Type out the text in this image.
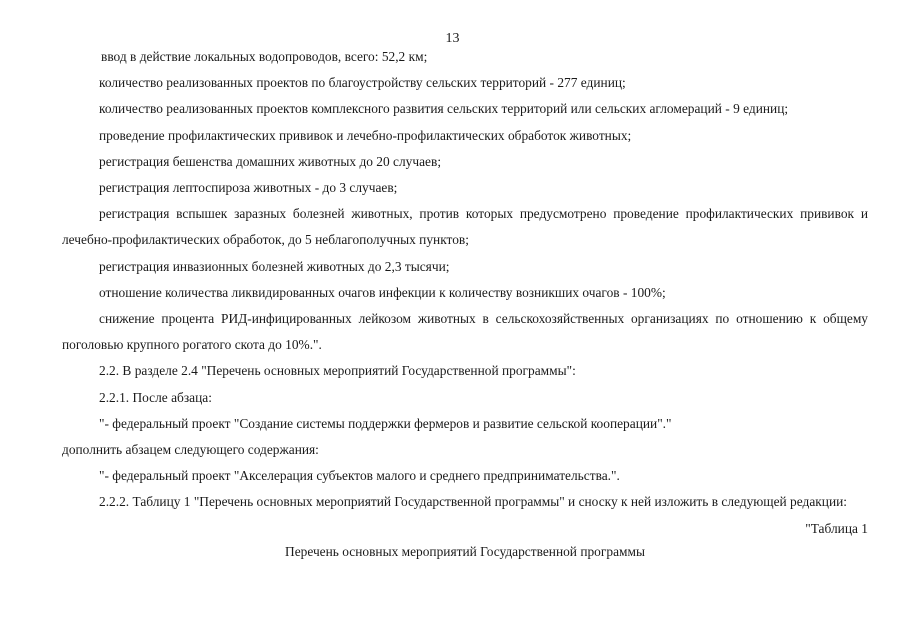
13

ввод в действие локальных водопроводов, всего: 52,2 км;

количество реализованных проектов по благоустройству сельских территорий - 277 единиц;

количество реализованных проектов комплексного развития сельских территорий или сельских агломераций - 9 единиц;

проведение профилактических прививок и лечебно-профилактических обработок животных;

регистрация бешенства домашних животных до 20 случаев;

регистрация лептоспироза животных - до 3 случаев;

регистрация вспышек заразных болезней животных, против которых предусмотрено проведение профилактических прививок и лечебно-профилактических обработок, до 5 неблагополучных пунктов;

регистрация инвазионных болезней животных до 2,3 тысячи;

отношение количества ликвидированных очагов инфекции к количеству возникших очагов - 100%;

снижение процента РИД-инфицированных лейкозом животных в сельскохозяйственных организациях по отношению к общему поголовью крупного рогатого скота до 10%.".

2.2. В разделе 2.4 "Перечень основных мероприятий Государственной программы":

2.2.1. После абзаца:

"- федеральный проект "Создание системы поддержки фермеров и развитие сельской кооперации"."

дополнить абзацем следующего содержания:

"- федеральный проект "Акселерация субъектов малого и среднего предпринимательства.".

2.2.2. Таблицу 1 "Перечень основных мероприятий Государственной программы" и сноску к ней изложить в следующей редакции:

"Таблица 1

Перечень основных мероприятий Государственной программы
